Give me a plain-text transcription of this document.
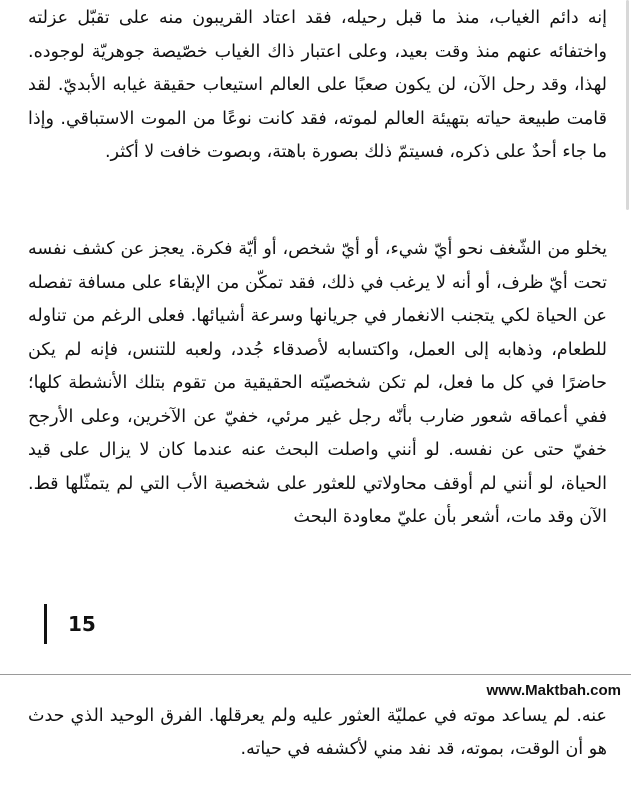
إنه دائم الغياب، منذ ما قبل رحيله، فقد اعتاد القريبون منه على تقبّل عزلته واختفائه عنهم منذ وقت بعيد، وعلى اعتبار ذاك الغياب خصّيصة جوهريّة لوجوده. لهذا، وقد رحل الآن، لن يكون صعبًا على العالم استيعاب حقيقة غيابه الأبديّ. لقد قامت طبيعة حياته بتهيئة العالم لموته، فقد كانت نوعًا من الموت الاستباقي. وإذا ما جاء أحدٌ على ذكره، فسيتمّ ذلك بصورة باهتة، وبصوت خافت لا أكثر.

يخلو من الشّغف نحو أيّ شيء، أو أيّ شخص، أو أيّة فكرة. يعجز عن كشف نفسه تحت أيّ ظرف، أو أنه لا يرغب في ذلك، فقد تمكّن من الإبقاء على مسافة تفصله عن الحياة لكي يتجنب الانغمار في جريانها وسرعة أشيائها. فعلى الرغم من تناوله للطعام، وذهابه إلى العمل، واكتسابه لأصدقاء جُدد، ولعبه للتنس، فإنه لم يكن حاضرًا في كل ما فعل، لم تكن شخصيّته الحقيقية من تقوم بتلك الأنشطة كلها؛ ففي أعماقه شعور ضارب بأنّه رجل غير مرئي، خفيّ عن الآخرين، وعلى الأرجح خفيّ حتى عن نفسه. لو أنني واصلت البحث عنه عندما كان لا يزال على قيد الحياة، لو أنني لم أوقف محاولاتي للعثور على شخصية الأب التي لم يتمثّلها قط. الآن وقد مات، أشعر بأن عليّ معاودة البحث

15
www.Maktbah.com

عنه. لم يساعد موته في عمليّة العثور عليه ولم يعرقلها. الفرق الوحيد الذي حدث هو أن الوقت، بموته، قد نفد مني لأكشفه في حياته.
